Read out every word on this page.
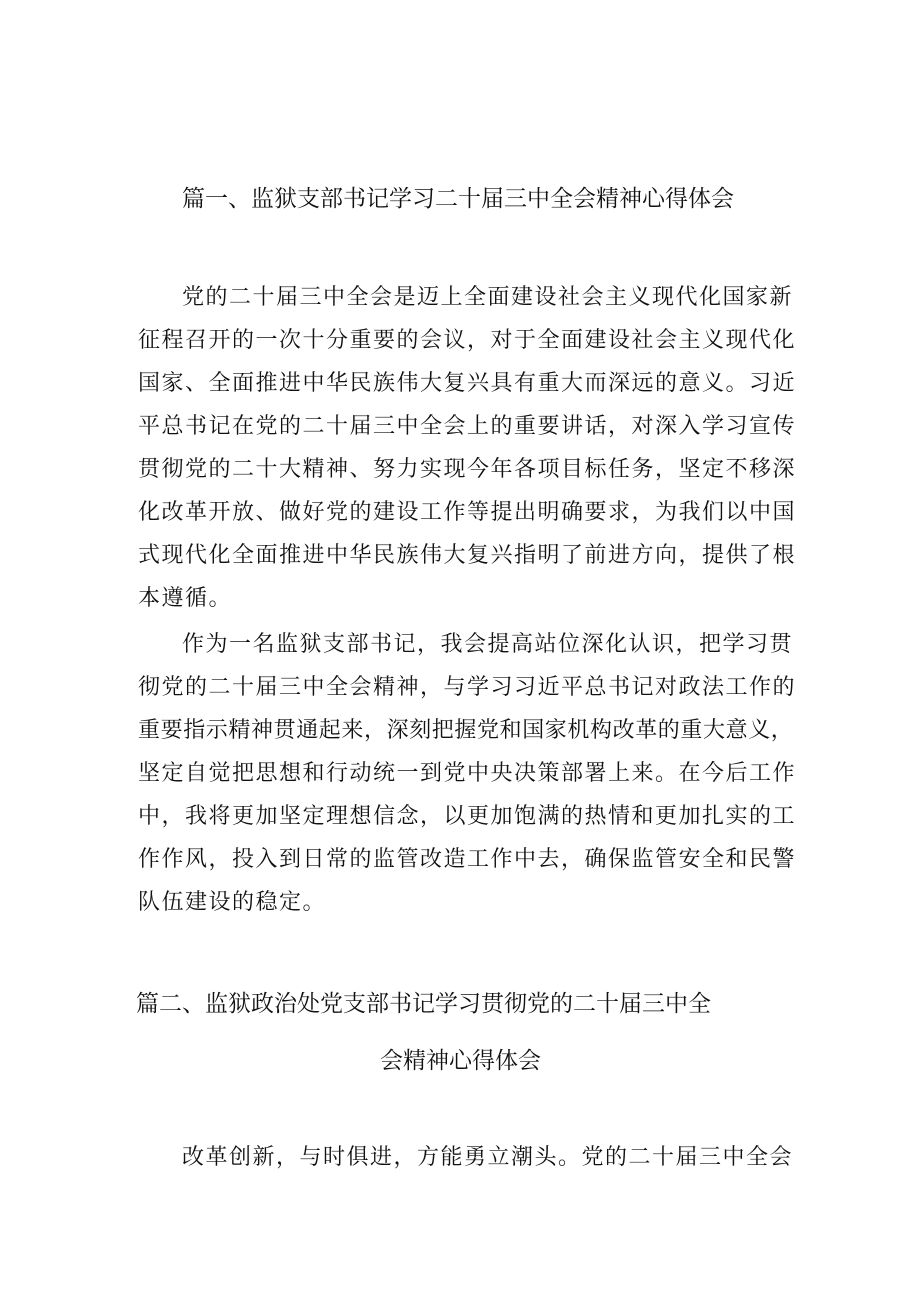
篇一、监狱支部书记学习二十届三中全会精神心得体会
党的二十届三中全会是迈上全面建设社会主义现代化国家新
征程召开的一次十分重要的会议，对于全面建设社会主义现代化
国家、全面推进中华民族伟大复兴具有重大而深远的意义。习近
平总书记在党的二十届三中全会上的重要讲话，对深入学习宣传
贯彻党的二十大精神、努力实现今年各项目标任务，坚定不移深
化改革开放、做好党的建设工作等提出明确要求，为我们以中国
式现代化全面推进中华民族伟大复兴指明了前进方向，提供了根
本遵循。
作为一名监狱支部书记，我会提高站位深化认识，把学习贯
彻党的二十届三中全会精神，与学习习近平总书记对政法工作的
重要指示精神贯通起来，深刻把握党和国家机构改革的重大意义，
坚定自觉把思想和行动统一到党中央决策部署上来。在今后工作
中，我将更加坚定理想信念，以更加饱满的热情和更加扎实的工
作作风，投入到日常的监管改造工作中去，确保监管安全和民警
队伍建设的稳定。
篇二、监狱政治处党支部书记学习贯彻党的二十届三中全
会精神心得体会
改革创新，与时俱进，方能勇立潮头。党的二十届三中全会
